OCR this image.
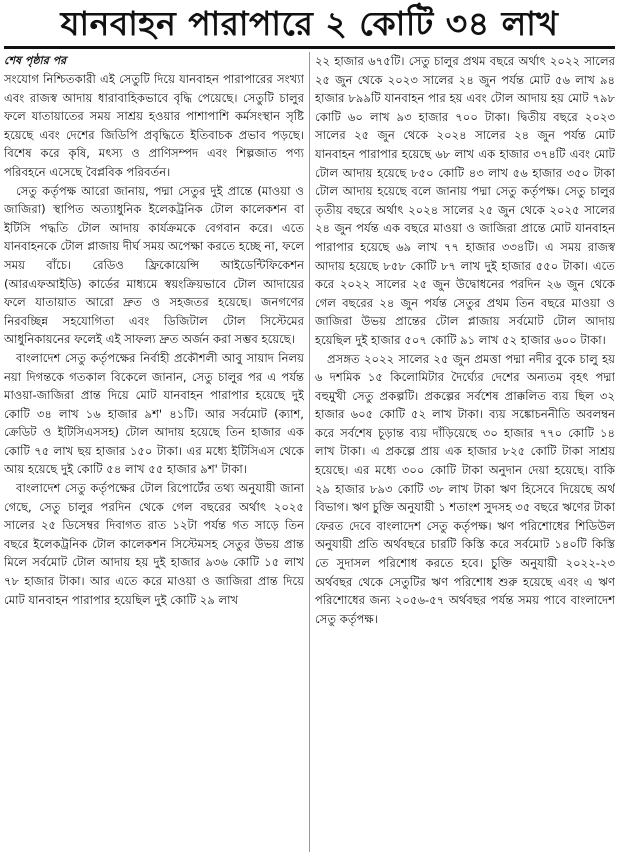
যানবাহন পারাপারে ২ কোটি ৩৪ লাখ

শেষ পৃষ্ঠার পর

সংযোগ নিশ্চিতকারী এই সেতুটি দিয়ে যানবাহন পারাপারের সংখ্যা এবং রাজস্ব আদায় ধারাবাহিকভাবে বৃদ্ধি পেয়েছে। সেতুটি চালুর ফলে যাতায়াতের সময় সাশ্রয় হওয়ার পাশাপাশি কর্মসংস্থান সৃষ্টি হয়েছে এবং দেশের জিডিপি প্রবৃদ্ধিতে ইতিবাচক প্রভাব পড়ছে। বিশেষ করে কৃষি, মৎস্য ও প্রাণিসম্পদ এবং শিল্পজাত পণ্য পরিবহনে এসেছে বৈপ্লবিক পরিবর্তন।

সেতু কর্তৃপক্ষ আরো জানায়, পদ্মা সেতুর দুই প্রান্তে (মাওয়া ও জাজিরা) স্থাপিত অত্যাধুনিক ইলেকট্রনিক টোল কালেকশন বা ইটিসি পদ্ধতি টোল আদায় কার্যক্রমকে বেগবান করে। এতে যানবাহনকে টোল প্লাজায় দীর্ঘ সময় অপেক্ষা করতে হচ্ছে না, ফলে সময় বাঁচে। রেডিও ফ্রিকোয়েন্সি আইডেন্টিফিকেশন (আরএফআইডি) কার্ডের মাধ্যমে স্বয়ংক্রিয়ভাবে টোল আদায়ের ফলে যাতায়াত আরো দ্রুত ও সহজতর হয়েছে। জনগণের নিরবচ্ছিন্ন সহযোগিতা এবং ডিজিটাল টোল সিস্টেমের আধুনিকায়নের ফলেই এই সাফল্য দ্রুত অর্জন করা সম্ভব হয়েছে।

বাংলাদেশ সেতু কর্তৃপক্ষের নির্বাহী প্রকৌশলী আবু সায়াদ নিলয় নয়া দিগন্তকে গতকাল বিকেলে জানান, সেতু চালুর পর এ পর্যন্ত মাওয়া-জাজিরা প্রান্ত দিয়ে মোট যানবাহন পারাপার হয়েছে দুই কোটি ৩৪ লাখ ১৬ হাজার ৯শ' ৪১টি। আর সর্বমোট (ক্যাশ, ক্রেডিট ও ইটিসিএসসহ) টোল আদায় হয়েছে তিন হাজার এক কোটি ৭৫ লাখ ছয় হাজার ১৫০ টাকা। এর মধ্যে ইটিসিএস থেকে আয় হয়েছে দুই কোটি ৫৪ লাখ ৫৫ হাজার ৯শ' টাকা।

বাংলাদেশ সেতু কর্তৃপক্ষের টোল রিপোর্টের তথ্য অনুযায়ী জানা গেছে, সেতু চালুর পরদিন থেকে গেল বছরের অর্থাৎ ২০২৫ সালের ২৫ ডিসেম্বর দিবাগত রাত ১২টা পর্যন্ত গত সাড়ে তিন বছরে ইলেকট্রনিক টোল কালেকশন সিস্টেমসহ সেতুর উভয় প্রান্ত মিলে সর্বমোট টোল আদায় হয় দুই হাজার ৯৩৬ কোটি ১৫ লাখ ৭৮ হাজার টাকা। আর এতে করে মাওয়া ও জাজিরা প্রান্ত দিয়ে মোট যানবাহন পারাপার হয়েছিল দুই কোটি ২৯ লাখ

২২ হাজার ৬৭৫টি। সেতু চালুর প্রথম বছরে অর্থাৎ ২০২২ সালের ২৫ জুন থেকে ২০২৩ সালের ২৪ জুন পর্যন্ত মোট ৫৬ লাখ ৯৪ হাজার ৮৯৯টি যানবাহন পার হয় এবং টোল আদায় হয় মোট ৭৯৮ কোটি ৬০ লাখ ৯৩ হাজার ৭০০ টাকা। দ্বিতীয় বছরে ২০২৩ সালের ২৫ জুন থেকে ২০২৪ সালের ২৪ জুন পর্যন্ত মোট যানবাহন পারাপার হয়েছে ৬৮ লাখ এক হাজার ৩৭৪টি এবং মোট টোল আদায় হয়েছে ৮৫০ কোটি ৪৩ লাখ ৫৬ হাজার ৩৫০ টাকা টোল আদায় হয়েছে বলে জানায় পদ্মা সেতু কর্তৃপক্ষ। সেতু চালুর তৃতীয় বছরে অর্থাৎ ২০২৪ সালের ২৫ জুন থেকে ২০২৫ সালের ২৪ জুন পর্যন্ত এক বছরে মাওয়া ও জাজিরা প্রান্তে মোট যানবাহন পারাপার হয়েছে ৬৯ লাখ ৭৭ হাজার ৩৩৪টি। এ সময় রাজস্ব আদায় হয়েছে ৮৫৮ কোটি ৮৭ লাখ দুই হাজার ৫৫০ টাকা। এতে করে ২০২২ সালের ২৫ জুন উদ্বোধনের পরদিন ২৬ জুন থেকে গেল বছরের ২৪ জুন পর্যন্ত সেতুর প্রথম তিন বছরে মাওয়া ও জাজিরা উভয় প্রান্তের টোল প্লাজায় সর্বমোট টোল আদায় হয়েছিল দুই হাজার ৫০৭ কোটি ৯১ লাখ ৫২ হাজার ৬০০ টাকা।

প্রসঙ্গত ২০২২ সালের ২৫ জুন প্রমত্তা পদ্মা নদীর বুকে চালু হয় ৬ দশমিক ১৫ কিলোমিটার দৈর্ঘ্যের দেশের অন্যতম বৃহৎ পদ্মা বহুমুখী সেতু প্রকল্পটি। প্রকল্পের সর্বশেষ প্রাক্কলিত ব্যয় ছিল ৩২ হাজার ৬০৫ কোটি ৫২ লাখ টাকা। ব্যয় সঙ্কোচননীতি অবলম্বন করে সর্বশেষ চূড়ান্ত ব্যয় দাঁড়িয়েছে ৩০ হাজার ৭৭০ কোটি ১৪ লাখ টাকা। এ প্রকল্পে প্রায় এক হাজার ৮২৫ কোটি টাকা সাশ্রয় হয়েছে। এর মধ্যে ৩০০ কোটি টাকা অনুদান দেয়া হয়েছে। বাকি ২৯ হাজার ৮৯৩ কোটি ৩৮ লাখ টাকা ঋণ হিসেবে দিয়েছে অর্থ বিভাগ। ঋণ চুক্তি অনুযায়ী ১ শতাংশ সুদসহ ৩৫ বছরে ঋণের টাকা ফেরত দেবে বাংলাদেশ সেতু কর্তৃপক্ষ। ঋণ পরিশোধের শিডিউল অনুযায়ী প্রতি অর্থবছরে চারটি কিস্তি করে সর্বমোট ১৪০টি কিস্তি তে সুদাসল পরিশোধ করতে হবে। চুক্তি অনুযায়ী ২০২২-২৩ অর্থবছর থেকে সেতুটির ঋণ পরিশোধ শুরু হয়েছে এবং এ ঋণ পরিশোধের জন্য ২০৫৬-৫৭ অর্থবছর পর্যন্ত সময় পাবে বাংলাদেশ সেতু কর্তৃপক্ষ।
